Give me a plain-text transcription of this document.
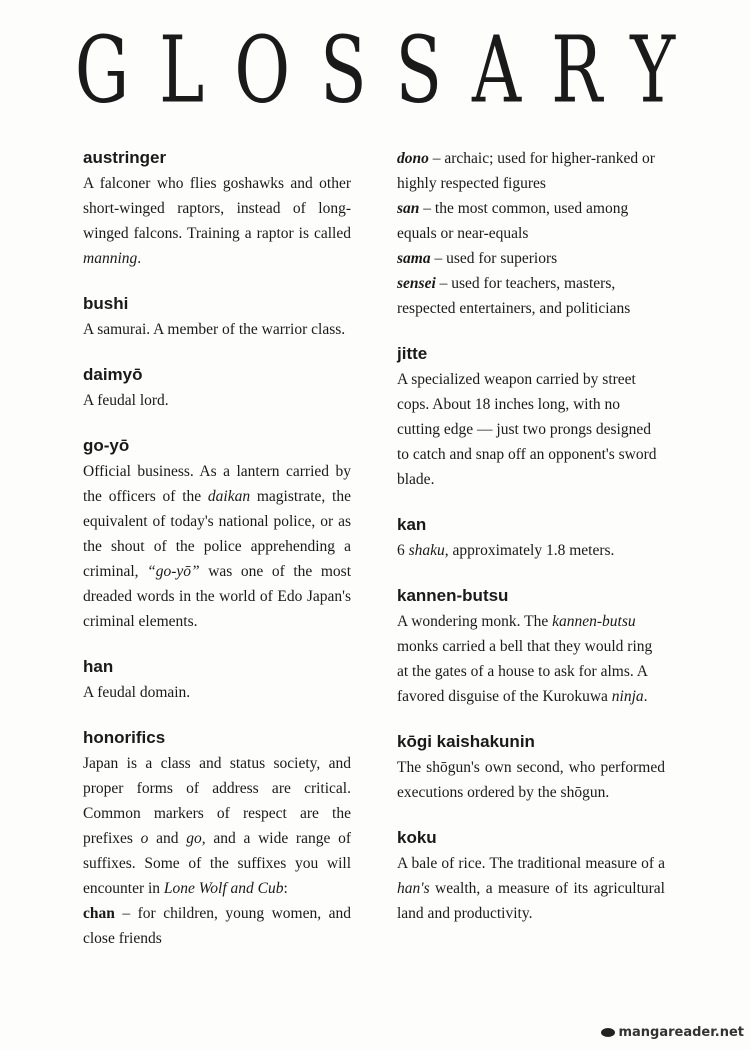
GLOSSARY
austringer
A falconer who flies goshawks and other short-winged raptors, instead of long-winged falcons. Training a raptor is called manning.
bushi
A samurai. A member of the warrior class.
daimyō
A feudal lord.
go-yō
Official business. As a lantern carried by the officers of the daikan magistrate, the equivalent of today's national police, or as the shout of the police apprehending a criminal, “go-yō” was one of the most dreaded words in the world of Edo Japan's criminal elements.
han
A feudal domain.
honorifics
Japan is a class and status society, and proper forms of address are critical. Common markers of respect are the prefixes o and go, and a wide range of suffixes. Some of the suffixes you will encounter in Lone Wolf and Cub:
chan – for children, young women, and close friends
dono – archaic; used for higher-ranked or highly respected figures
san – the most common, used among equals or near-equals
sama – used for superiors
sensei – used for teachers, masters, respected entertainers, and politicians
jitte
A specialized weapon carried by street cops. About 18 inches long, with no cutting edge — just two prongs designed to catch and snap off an opponent's sword blade.
kan
6 shaku, approximately 1.8 meters.
kannen-butsu
A wondering monk. The kannen-butsu monks carried a bell that they would ring at the gates of a house to ask for alms. A favored disguise of the Kurokuwa ninja.
kōgi kaishakunin
The shōgun's own second, who performed executions ordered by the shōgun.
koku
A bale of rice. The traditional measure of a han's wealth, a measure of its agricultural land and productivity.
mangareader.net
